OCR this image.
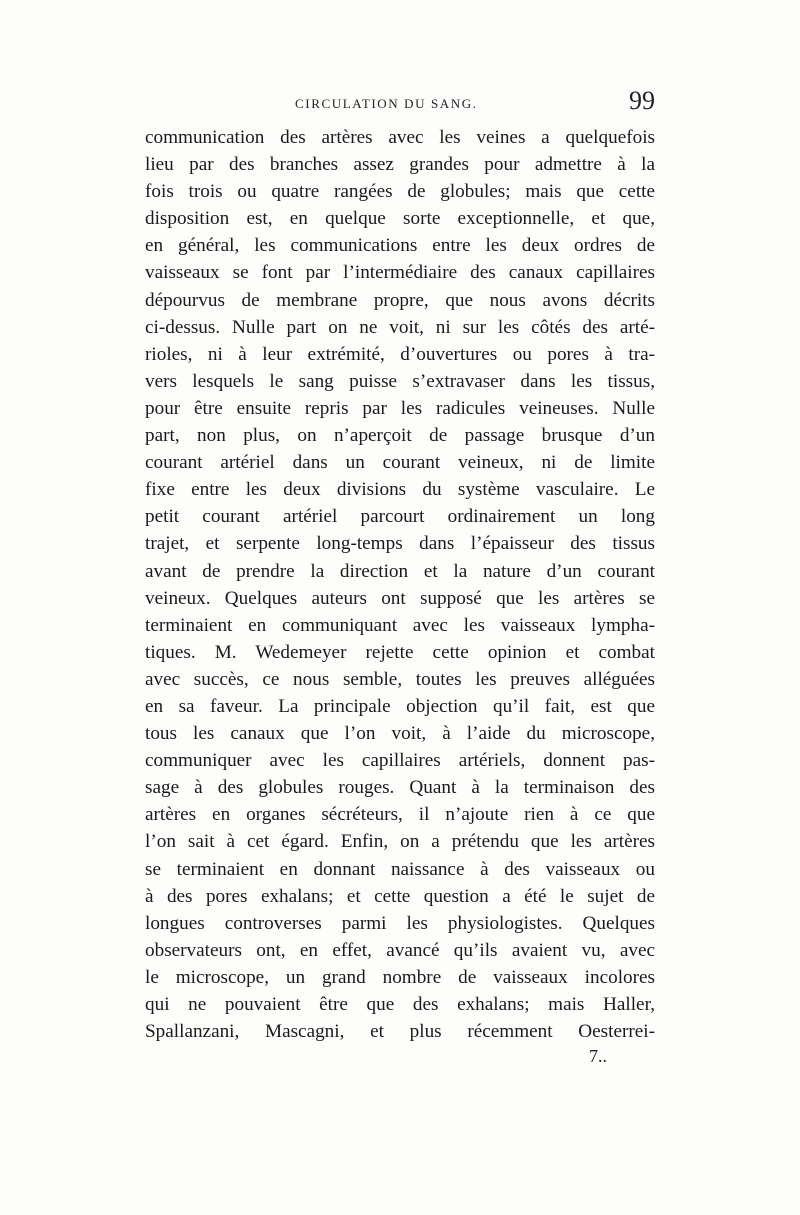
CIRCULATION DU SANG.	99
communication des artères avec les veines a quelquefois
lieu par des branches assez grandes pour admettre à la
fois trois ou quatre rangées de globules; mais que cette
disposition est, en quelque sorte exceptionnelle, et que,
en général, les communications entre les deux ordres de
vaisseaux se font par l’intermédiaire des canaux capillaires
dépourvus de membrane propre, que nous avons décrits
ci-dessus. Nulle part on ne voit, ni sur les côtés des arté-
rioles, ni à leur extrémité, d’ouvertures ou pores à tra-
vers lesquels le sang puisse s’extravaser dans les tissus,
pour être ensuite repris par les radicules veineuses. Nulle
part, non plus, on n’aperçoit de passage brusque d’un
courant artériel dans un courant veineux, ni de limite
fixe entre les deux divisions du système vasculaire. Le
petit courant artériel parcourt ordinairement un long
trajet, et serpente long-temps dans l’épaisseur des tissus
avant de prendre la direction et la nature d’un courant
veineux. Quelques auteurs ont supposé que les artères se
terminaient en communiquant avec les vaisseaux lympha-
tiques. M. Wedemeyer rejette cette opinion et combat
avec succès, ce nous semble, toutes les preuves alléguées
en sa faveur. La principale objection qu’il fait, est que
tous les canaux que l’on voit, à l’aide du microscope,
communiquer avec les capillaires artériels, donnent pas-
sage à des globules rouges. Quant à la terminaison des
artères en organes sécréteurs, il n’ajoute rien à ce que
l’on sait à cet égard. Enfin, on a prétendu que les artères
se terminaient en donnant naissance à des vaisseaux ou
à des pores exhalans; et cette question a été le sujet de
longues controverses parmi les physiologistes. Quelques
observateurs ont, en effet, avancé qu’ils avaient vu, avec
le microscope, un grand nombre de vaisseaux incolores
qui ne pouvaient être que des exhalans; mais Haller,
Spallanzani, Mascagni, et plus récemment Oesterrei-
7..
